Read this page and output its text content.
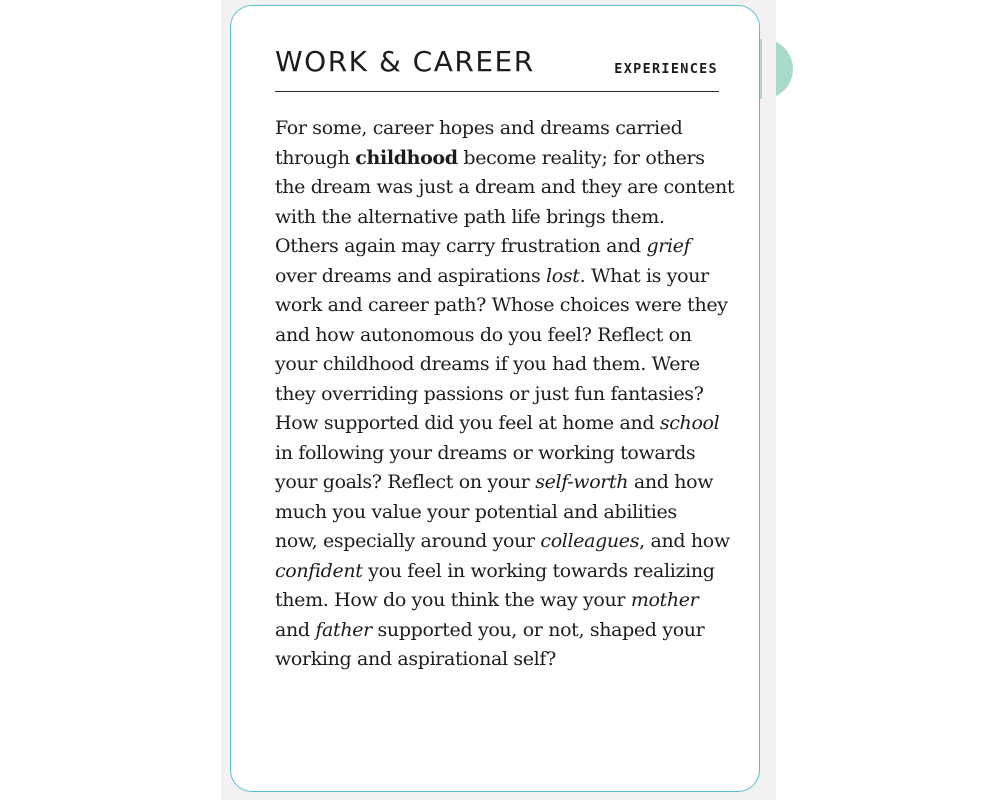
WORK & CAREER	EXPERIENCES
For some, career hopes and dreams carried
through childhood become reality; for others
the dream was just a dream and they are content
with the alternative path life brings them.
Others again may carry frustration and grief
over dreams and aspirations lost. What is your
work and career path? Whose choices were they
and how autonomous do you feel? Reflect on
your childhood dreams if you had them. Were
they overriding passions or just fun fantasies?
How supported did you feel at home and school
in following your dreams or working towards
your goals? Reflect on your self-worth and how
much you value your potential and abilities
now, especially around your colleagues, and how
confident you feel in working towards realizing
them. How do you think the way your mother
and father supported you, or not, shaped your
working and aspirational self?
